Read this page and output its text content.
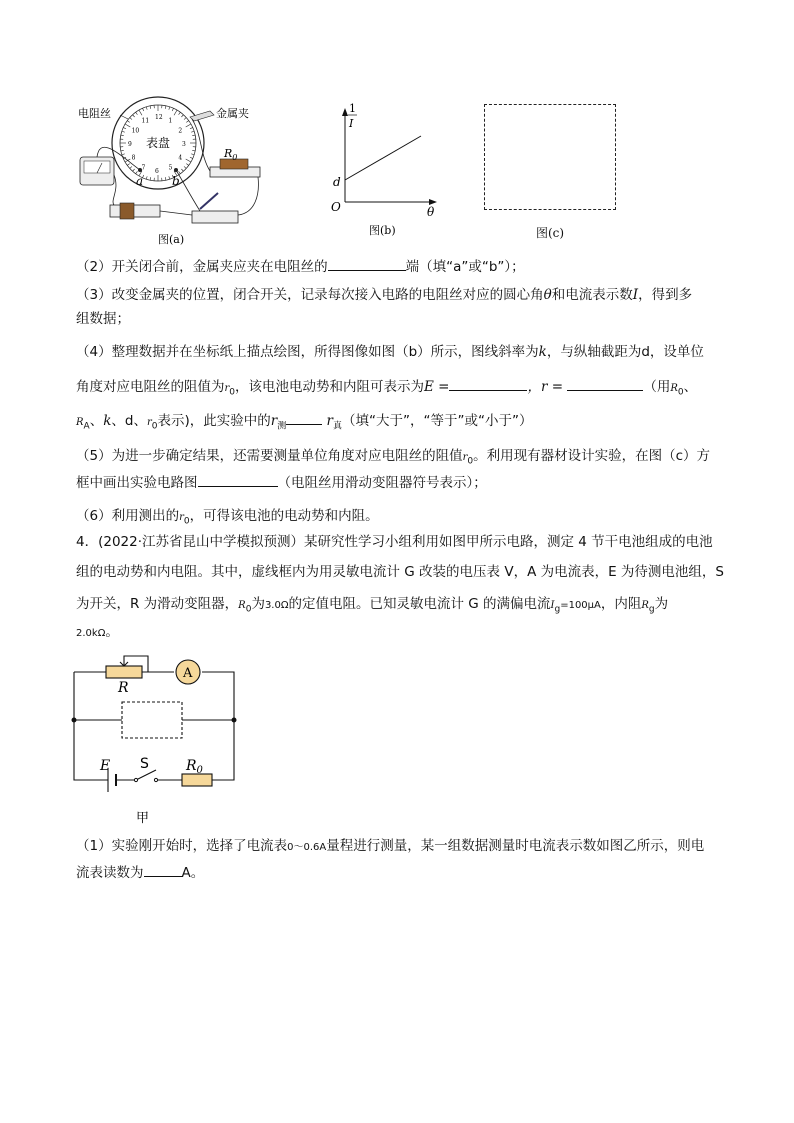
12
1
2
3
4
5
6
7
8
9
10
11
表盘
电阻丝	金属夹
a b
$R_0$
图(a)
1
I
d
O	θ
图(b)	图(c)
（2）开关闭合前，金属夹应夹在电阻丝的	端（填“a”或“b”）；
（3）改变金属夹的位置，闭合开关，记录每次接入电路的电阻丝对应的圆心角θ和电流表示数I，得到多
组数据；
（4）整理数据并在坐标纸上描点绘图，所得图像如图（b）所示，图线斜率为k，与纵轴截距为d，设单位
角度对应电阻丝的阻值为$r_0$，该电池电动势和内阻可表示为E =	，r =	（用$R_0$、
$R_A$、k、d、$r_0$表示)，此实验中的$r_测$	$r_真$（填“大于”，“等于”或“小于”）
（5）为进一步确定结果，还需要测量单位角度对应电阻丝的阻值$r_0$。利用现有器材设计实验，在图（c）方
框中画出实验电路图	（电阻丝用滑动变阻器符号表示）；
（6）利用测出的$r_0$，可得该电池的电动势和内阻。
4．(2022·江苏省昆山中学模拟预测）某研究性学习小组利用如图甲所示电路，测定 4 节干电池组成的电池
组的电动势和内电阻。其中，虚线框内为用灵敏电流计 G 改装的电压表 V，A 为电流表，E 为待测电池组，S
为开关，R 为滑动变阻器，$R_0$为3.0Ω的定值电阻。已知灵敏电流计 G 的满偏电流$I_g=100\mu A$，内阻$R_g$为
2.0kΩ。
R
A
E S	$R_0$
甲
（1）实验刚开始时，选择了电流表0～0.6A量程进行测量，某一组数据测量时电流表示数如图乙所示，则电
流表读数为	A。
